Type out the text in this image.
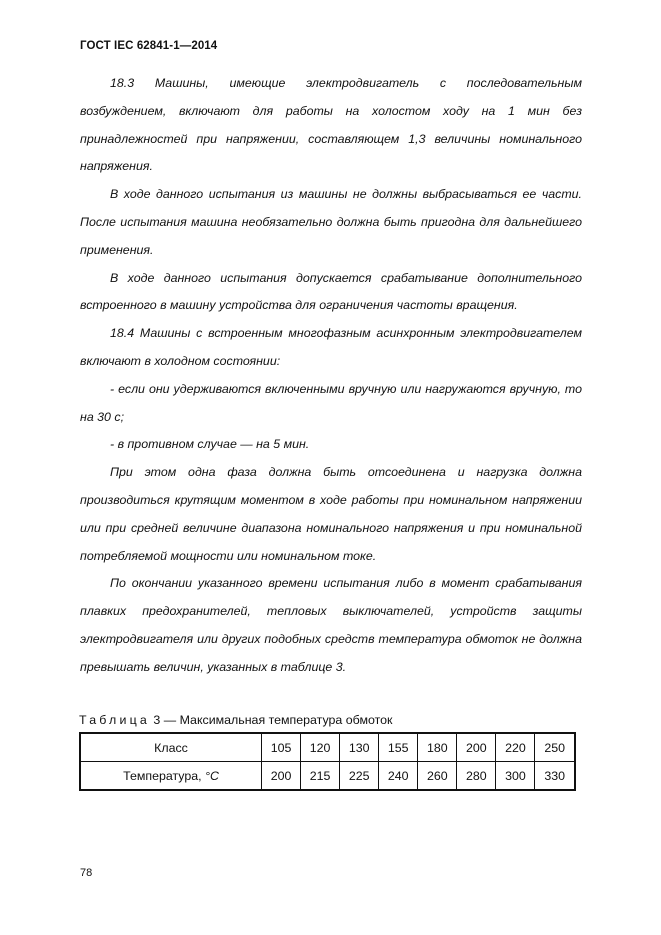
ГОСТ IEC 62841-1—2014

18.3 Машины, имеющие электродвигатель с последовательным возбуждением, включают для работы на холостом ходу на 1 мин без принадлежностей при напряжении, составляющем 1,3 величины номинального напряжения.

В ходе данного испытания из машины не должны выбрасываться ее части. После испытания машина необязательно должна быть пригодна для дальнейшего применения.

В ходе данного испытания допускается срабатывание дополнительного встроенного в машину устройства для ограничения частоты вращения.

18.4 Машины с встроенным многофазным асинхронным электродвигателем включают в холодном состоянии:

- если они удерживаются включенными вручную или нагружаются вручную, то на 30 с;

- в противном случае — на 5 мин.

При этом одна фаза должна быть отсоединена и нагрузка должна производиться крутящим моментом в ходе работы при номинальном напряжении или при средней величине диапазона номинального напряжения и при номинальной потребляемой мощности или номинальном токе.

По окончании указанного времени испытания либо в момент срабатывания плавких предохранителей, тепловых выключателей, устройств защиты электродвигателя или других подобных средств температура обмоток не должна превышать величин, указанных в таблице 3.

Таблица 3 — Максимальная температура обмоток
Класс	105	120	130	155	180	200	220	250
Температура, °C	200	215	225	240	260	280	300	330
78
